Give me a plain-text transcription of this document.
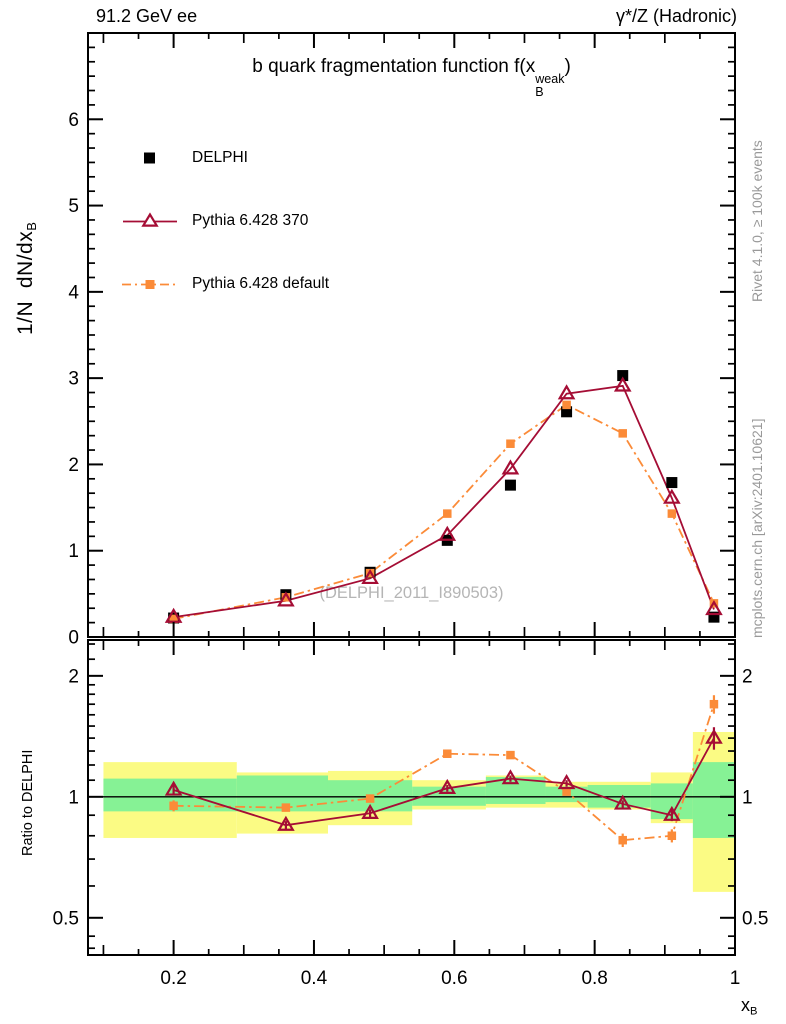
91.2 GeV ee	γ*/Z (Hadronic)
b quark fragmentation function f(x
weak
B
)

DELPHI

Pythia 6.428 370

Pythia 6.428 default

(DELPHI_2011_I890503)
1/N  $dN/dx_B$
Ratio to DELPHI
Rivet 4.1.0, ≥ 100k events
mcplots.cern.ch [arXiv:2401.10621]
$x_B$
0
1
2
3
4
5
6
0.2	0.4	0.6	0.8	1
0.5	0.5
1	1
2	2
